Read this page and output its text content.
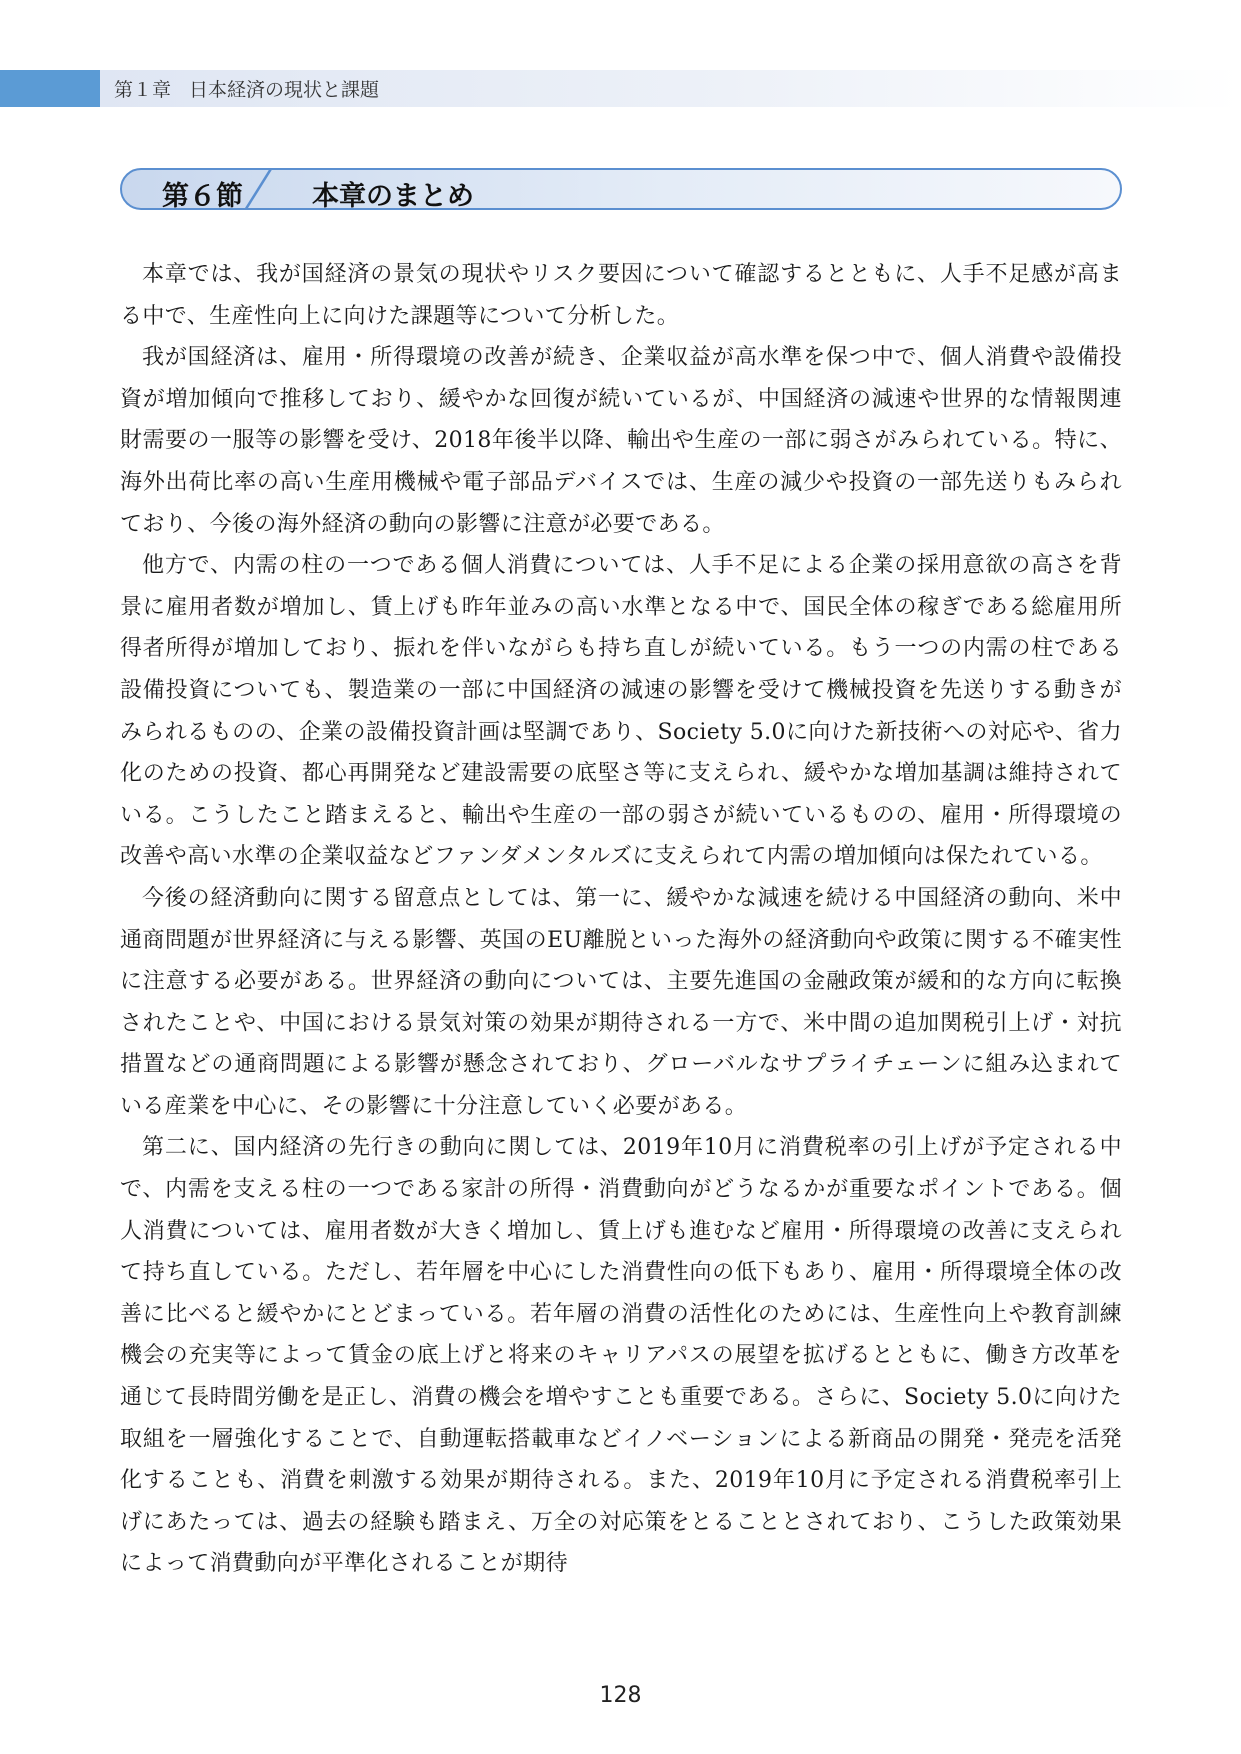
第１章 日本経済の現状と課題
第６節	本章のまとめ

本章では、我が国経済の景気の現状やリスク要因について確認するとともに、人手不足感が高まる中で、生産性向上に向けた課題等について分析した。

我が国経済は、雇用・所得環境の改善が続き、企業収益が高水準を保つ中で、個人消費や設備投資が増加傾向で推移しており、緩やかな回復が続いているが、中国経済の減速や世界的な情報関連財需要の一服等の影響を受け、2018年後半以降、輸出や生産の一部に弱さがみられている。特に、海外出荷比率の高い生産用機械や電子部品デバイスでは、生産の減少や投資の一部先送りもみられており、今後の海外経済の動向の影響に注意が必要である。

他方で、内需の柱の一つである個人消費については、人手不足による企業の採用意欲の高さを背景に雇用者数が増加し、賃上げも昨年並みの高い水準となる中で、国民全体の稼ぎである総雇用所得者所得が増加しており、振れを伴いながらも持ち直しが続いている。もう一つの内需の柱である設備投資についても、製造業の一部に中国経済の減速の影響を受けて機械投資を先送りする動きがみられるものの、企業の設備投資計画は堅調であり、Society 5.0に向けた新技術への対応や、省力化のための投資、都心再開発など建設需要の底堅さ等に支えられ、緩やかな増加基調は維持されている。こうしたこと踏まえると、輸出や生産の一部の弱さが続いているものの、雇用・所得環境の改善や高い水準の企業収益などファンダメンタルズに支えられて内需の増加傾向は保たれている。

今後の経済動向に関する留意点としては、第一に、緩やかな減速を続ける中国経済の動向、米中通商問題が世界経済に与える影響、英国のEU離脱といった海外の経済動向や政策に関する不確実性に注意する必要がある。世界経済の動向については、主要先進国の金融政策が緩和的な方向に転換されたことや、中国における景気対策の効果が期待される一方で、米中間の追加関税引上げ・対抗措置などの通商問題による影響が懸念されており、グローバルなサプライチェーンに組み込まれている産業を中心に、その影響に十分注意していく必要がある。

第二に、国内経済の先行きの動向に関しては、2019年10月に消費税率の引上げが予定される中で、内需を支える柱の一つである家計の所得・消費動向がどうなるかが重要なポイントである。個人消費については、雇用者数が大きく増加し、賃上げも進むなど雇用・所得環境の改善に支えられて持ち直している。ただし、若年層を中心にした消費性向の低下もあり、雇用・所得環境全体の改善に比べると緩やかにとどまっている。若年層の消費の活性化のためには、生産性向上や教育訓練機会の充実等によって賃金の底上げと将来のキャリアパスの展望を拡げるとともに、働き方改革を通じて長時間労働を是正し、消費の機会を増やすことも重要である。さらに、Society 5.0に向けた取組を一層強化することで、自動運転搭載車などイノベーションによる新商品の開発・発売を活発化することも、消費を刺激する効果が期待される。また、2019年10月に予定される消費税率引上げにあたっては、過去の経験も踏まえ、万全の対応策をとることとされており、こうした政策効果によって消費動向が平準化されることが期待

128
